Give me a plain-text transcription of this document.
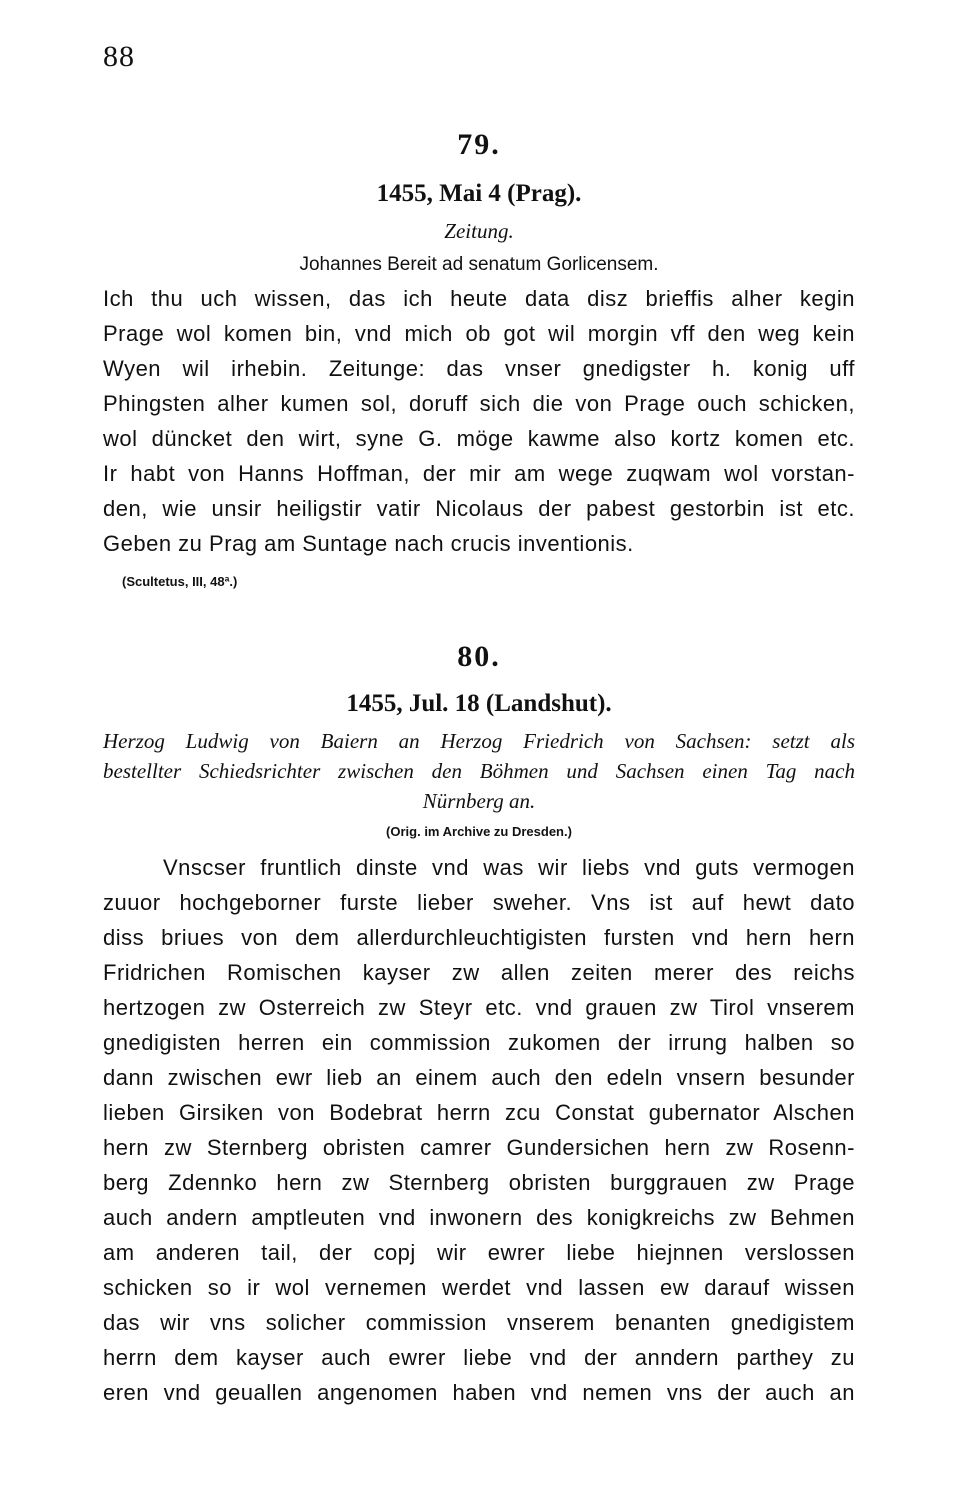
88
79.
1455, Mai 4 (Prag).
Zeitung.
Johannes Bereit ad senatum Gorlicensem.
Ich thu uch wissen, das ich heute data disz brieffis alher kegin
Prage wol komen bin, vnd mich ob got wil morgin vff den weg kein
Wyen wil irhebin. Zeitunge: das vnser gnedigster h. konig uff
Phingsten alher kumen sol, doruff sich die von Prage ouch schicken,
wol düncket den wirt, syne G. möge kawme also kortz komen etc.
Ir habt von Hanns Hoffman, der mir am wege zuqwam wol vorstan-
den, wie unsir heiligstir vatir Nicolaus der pabest gestorbin ist etc.
Geben zu Prag am Suntage nach crucis inventionis.
(Scultetus, III, 48ª.)
80.
1455, Jul. 18 (Landshut).
Herzog Ludwig von Baiern an Herzog Friedrich von Sachsen: setzt als
bestellter Schiedsrichter zwischen den Böhmen und Sachsen einen Tag nach
Nürnberg an.
(Orig. im Archive zu Dresden.)
Vnscser fruntlich dinste vnd was wir liebs vnd guts vermogen
zuuor hochgeborner furste lieber sweher. Vns ist auf hewt dato
diss briues von dem allerdurchleuchtigisten fursten vnd hern hern
Fridrichen Romischen kayser zw allen zeiten merer des reichs
hertzogen zw Osterreich zw Steyr etc. vnd grauen zw Tirol vnserem
gnedigisten herren ein commission zukomen der irrung halben so
dann zwischen ewr lieb an einem auch den edeln vnsern besunder
lieben Girsiken von Bodebrat herrn zcu Constat gubernator Alschen
hern zw Sternberg obristen camrer Gundersichen hern zw Rosenn-
berg Zdennko hern zw Sternberg obristen burggrauen zw Prage
auch andern amptleuten vnd inwonern des konigkreichs zw Behmen
am anderen tail, der copj wir ewrer liebe hiejnnen verslossen
schicken so ir wol vernemen werdet vnd lassen ew darauf wissen
das wir vns solicher commission vnserem benanten gnedigistem
herrn dem kayser auch ewrer liebe vnd der anndern parthey zu
eren vnd geuallen angenomen haben vnd nemen vns der auch an
